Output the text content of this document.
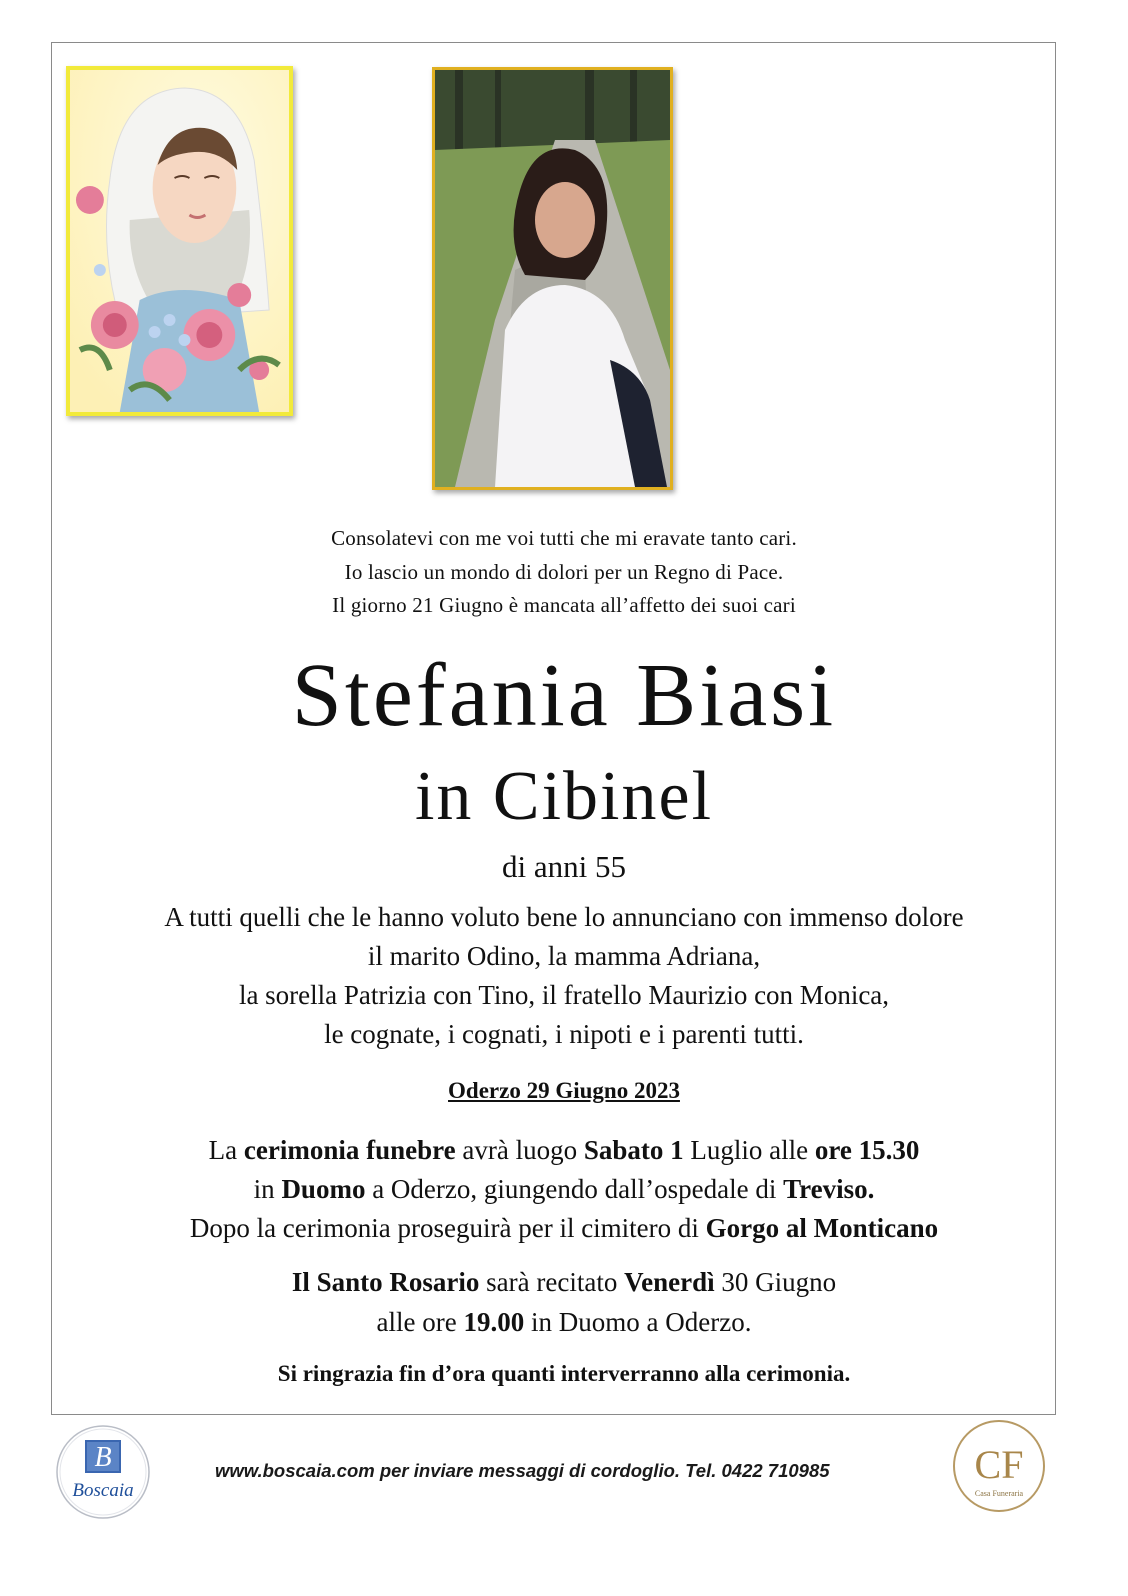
Consolatevi con me voi tutti che mi eravate tanto cari.
Io lascio un mondo di dolori per un Regno di Pace.
Il giorno 21 Giugno è mancata all’affetto dei suoi cari
Stefania Biasi
in Cibinel
di anni 55
A tutti quelli che le hanno voluto bene lo annunciano con immenso dolore
il marito Odino, la mamma Adriana,
la sorella Patrizia con Tino, il fratello Maurizio con Monica,
le cognate, i cognati, i nipoti e i parenti tutti.
Oderzo 29 Giugno 2023
La cerimonia funebre avrà luogo Sabato 1 Luglio alle ore 15.30
in Duomo a Oderzo, giungendo dall’ospedale di Treviso.
Dopo la cerimonia proseguirà per il cimitero di Gorgo al Monticano
Il Santo Rosario sarà recitato Venerdì 30 Giugno
alle ore 19.00 in Duomo a Oderzo.
Si ringrazia fin d’ora quanti interverranno alla cerimonia.
B
Boscaia
www.boscaia.com per inviare messaggi di cordoglio. Tel. 0422 710985	CF
Casa Funeraria
